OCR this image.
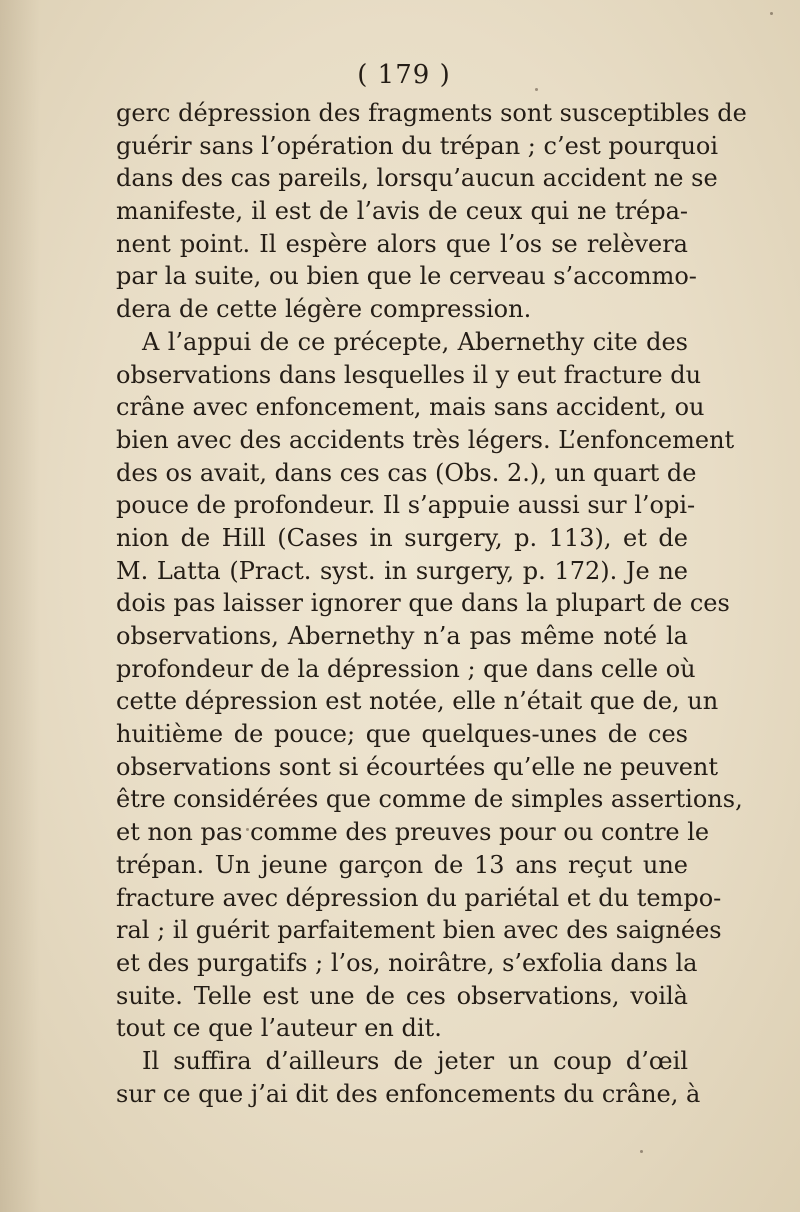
( 179 )
gerc dépression des fragments sont susceptibles de
guérir sans l’opération du trépan ; c’est pourquoi
dans des cas pareils, lorsqu’aucun accident ne se
manifeste, il est de l’avis de ceux qui ne trépa-
nent point. Il espère alors que l’os se relèvera
par la suite, ou bien que le cerveau s’accommo-
dera de cette légère compression.
A l’appui de ce précepte, Abernethy cite des
observations dans lesquelles il y eut fracture du
crâne avec enfoncement, mais sans accident, ou
bien avec des accidents très légers. L’enfoncement
des os avait, dans ces cas (Obs. 2.), un quart de
pouce de profondeur. Il s’appuie aussi sur l’opi-
nion de Hill (Cases in surgery, p. 113), et de
M. Latta (Pract. syst. in surgery, p. 172). Je ne
dois pas laisser ignorer que dans la plupart de ces
observations, Abernethy n’a pas même noté la
profondeur de la dépression ; que dans celle où
cette dépression est notée, elle n’était que de, un
huitième de pouce; que quelques-unes de ces
observations sont si écourtées qu’elle ne peuvent
être considérées que comme de simples assertions,
et non pas comme des preuves pour ou contre le
trépan. Un jeune garçon de 13 ans reçut une
fracture avec dépression du pariétal et du tempo-
ral ; il guérit parfaitement bien avec des saignées
et des purgatifs ; l’os, noirâtre, s’exfolia dans la
suite. Telle est une de ces observations, voilà
tout ce que l’auteur en dit.
Il suffira d’ailleurs de jeter un coup d’œil
sur ce que j’ai dit des enfoncements du crâne, à
